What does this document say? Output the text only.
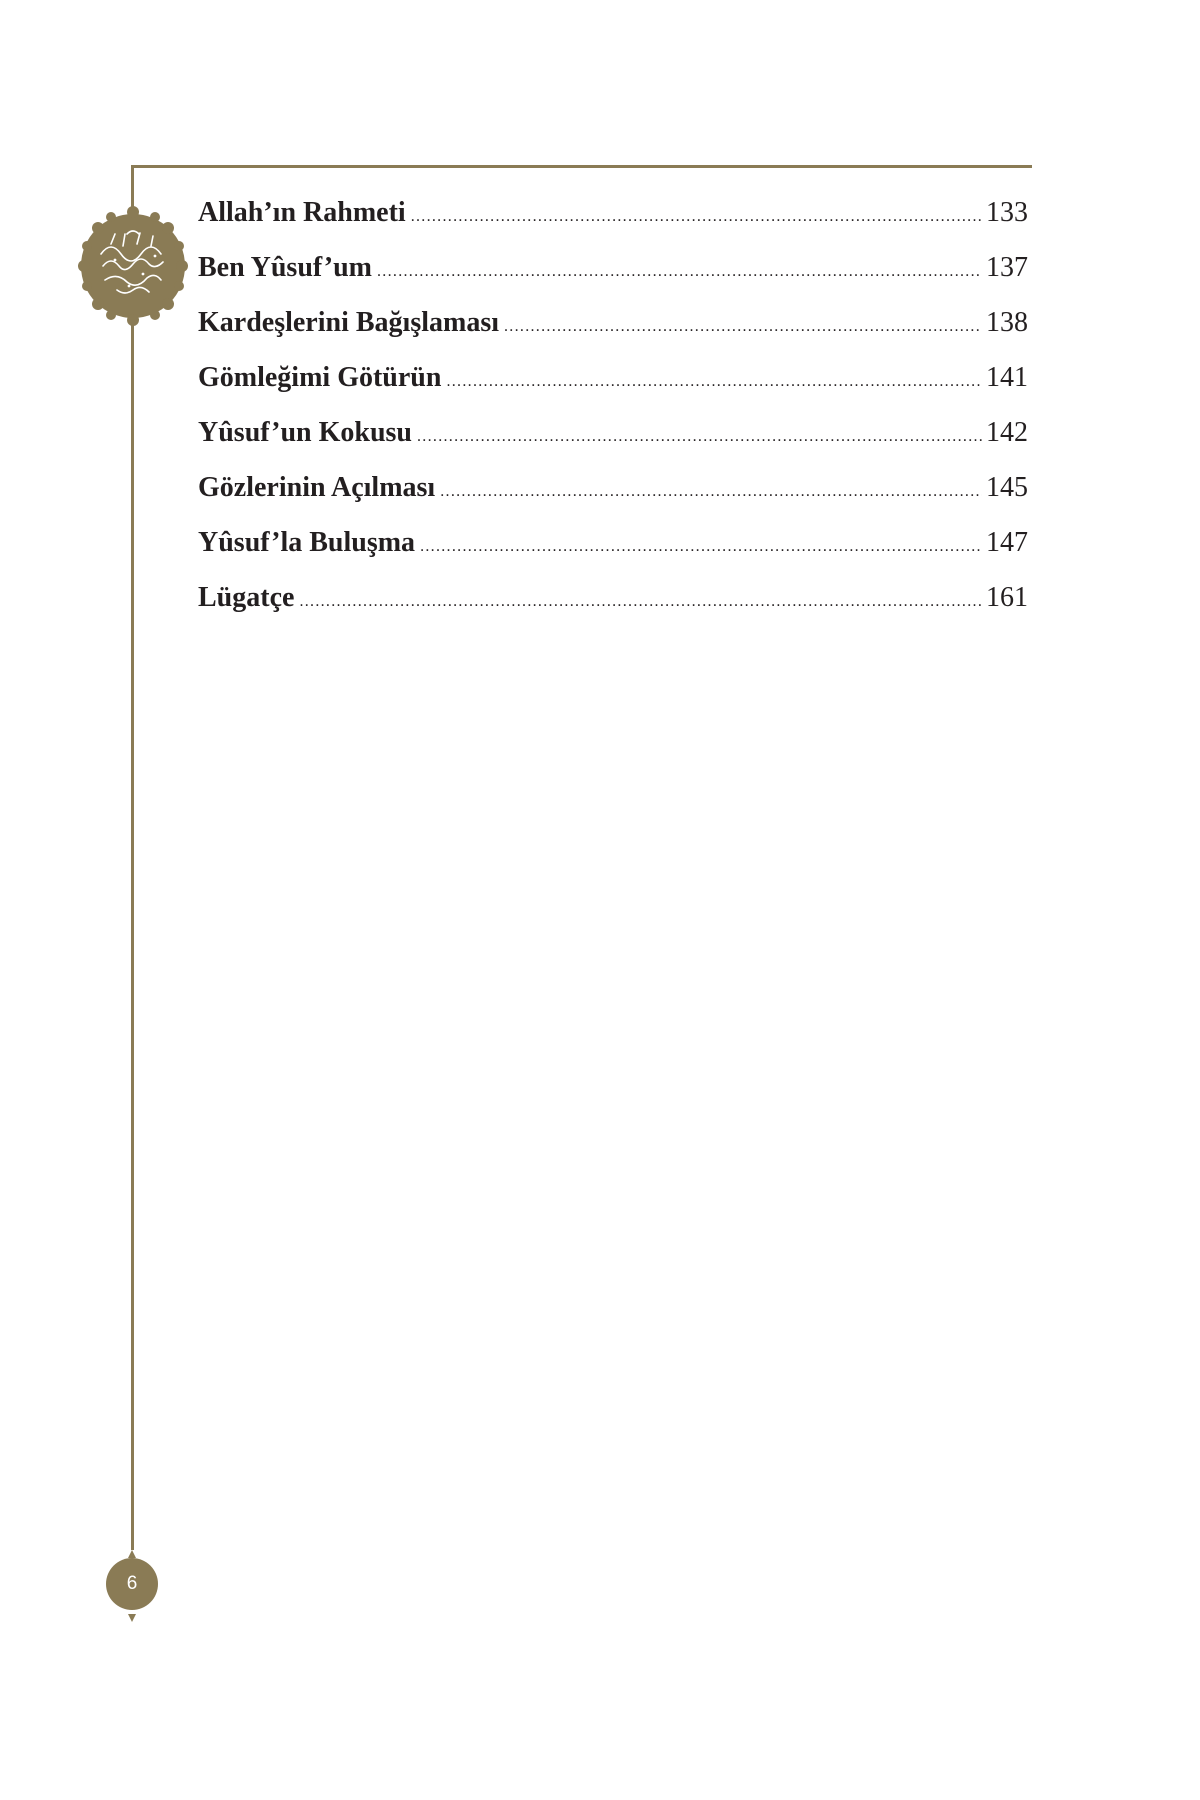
Allah’ın Rahmeti .....	133
Ben Yûsuf’um .....	137
Kardeşlerini Bağışlaması .....	138
Gömleğimi Götürün .....	141
Yûsuf’un Kokusu .....	142
Gözlerinin Açılması .....	145
Yûsuf’la Buluşma .....	147
Lügatçe .....	161
6
